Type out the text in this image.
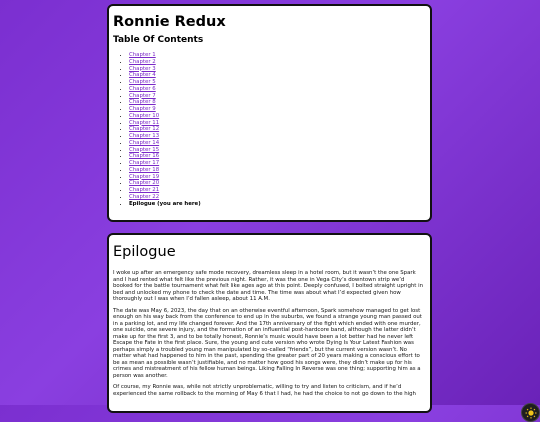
Ronnie Redux
Table Of Contents
• Chapter 1
• Chapter 2
• Chapter 3
• Chapter 4
• Chapter 5
• Chapter 6
• Chapter 7
• Chapter 8
• Chapter 9
• Chapter 10
• Chapter 11
• Chapter 12
• Chapter 13
• Chapter 14
• Chapter 15
• Chapter 16
• Chapter 17
• Chapter 18
• Chapter 19
• Chapter 20
• Chapter 21
• Chapter 22
• Epilogue (you are here)
Epilogue

I woke up after an emergency safe mode recovery, dreamless sleep in a hotel room, but it wasn’t the one Spark and I had rented what felt like the previous night. Rather, it was the one in Vega City’s downtown strip we’d booked for the battle tournament what felt like ages ago at this point. Deeply confused, I bolted straight upright in bed and unlocked my phone to check the date and time. The time was about what I’d expected given how thoroughly out I was when I’d fallen asleep, about 11 A.M.

The date was May 6, 2023, the day that on an otherwise eventful afternoon, Spark somehow managed to get lost enough on his way back from the conference to end up in the suburbs, we found a strange young man passed out in a parking lot, and my life changed forever. And the 17th anniversary of the fight which ended with one murder, one suicide, one severe injury, and the formation of an influential post-hardcore band, although the latter didn’t make up for the first 3, and to be totally honest, Ronnie’s music would have been a lot better had he never left Escape the Fate in the first place. Sure, the young and cute version who wrote Dying Is Your Latest Fashion was perhaps simply a troubled young man manipulated by so-called “friends”, but the current version wasn’t. No matter what had happened to him in the past, spending the greater part of 20 years making a conscious effort to be as mean as possible wasn’t justifiable, and no matter how good his songs were, they didn’t make up for his crimes and mistreatment of his fellow human beings. Liking Falling In Reverse was one thing; supporting him as a person was another.

Of course, my Ronnie was, while not strictly unproblematic, willing to try and listen to criticism, and if he’d experienced the same rollback to the morning of May 6 that I had, he had the choice to not go down to the high
